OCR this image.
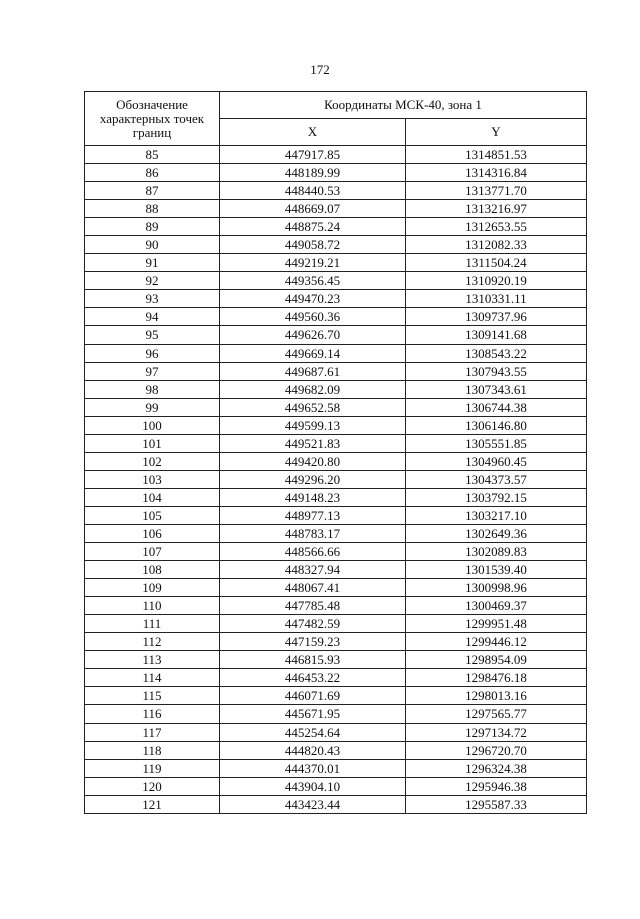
172
Обозначение характерных точек границ	Координаты МСК-40, зона 1	
	X	Y
85	447917.85	1314851.53
86	448189.99	1314316.84
87	448440.53	1313771.70
88	448669.07	1313216.97
89	448875.24	1312653.55
90	449058.72	1312082.33
91	449219.21	1311504.24
92	449356.45	1310920.19
93	449470.23	1310331.11
94	449560.36	1309737.96
95	449626.70	1309141.68
96	449669.14	1308543.22
97	449687.61	1307943.55
98	449682.09	1307343.61
99	449652.58	1306744.38
100	449599.13	1306146.80
101	449521.83	1305551.85
102	449420.80	1304960.45
103	449296.20	1304373.57
104	449148.23	1303792.15
105	448977.13	1303217.10
106	448783.17	1302649.36
107	448566.66	1302089.83
108	448327.94	1301539.40
109	448067.41	1300998.96
110	447785.48	1300469.37
111	447482.59	1299951.48
112	447159.23	1299446.12
113	446815.93	1298954.09
114	446453.22	1298476.18
115	446071.69	1298013.16
116	445671.95	1297565.77
117	445254.64	1297134.72
118	444820.43	1296720.70
119	444370.01	1296324.38
120	443904.10	1295946.38
121	443423.44	1295587.33
